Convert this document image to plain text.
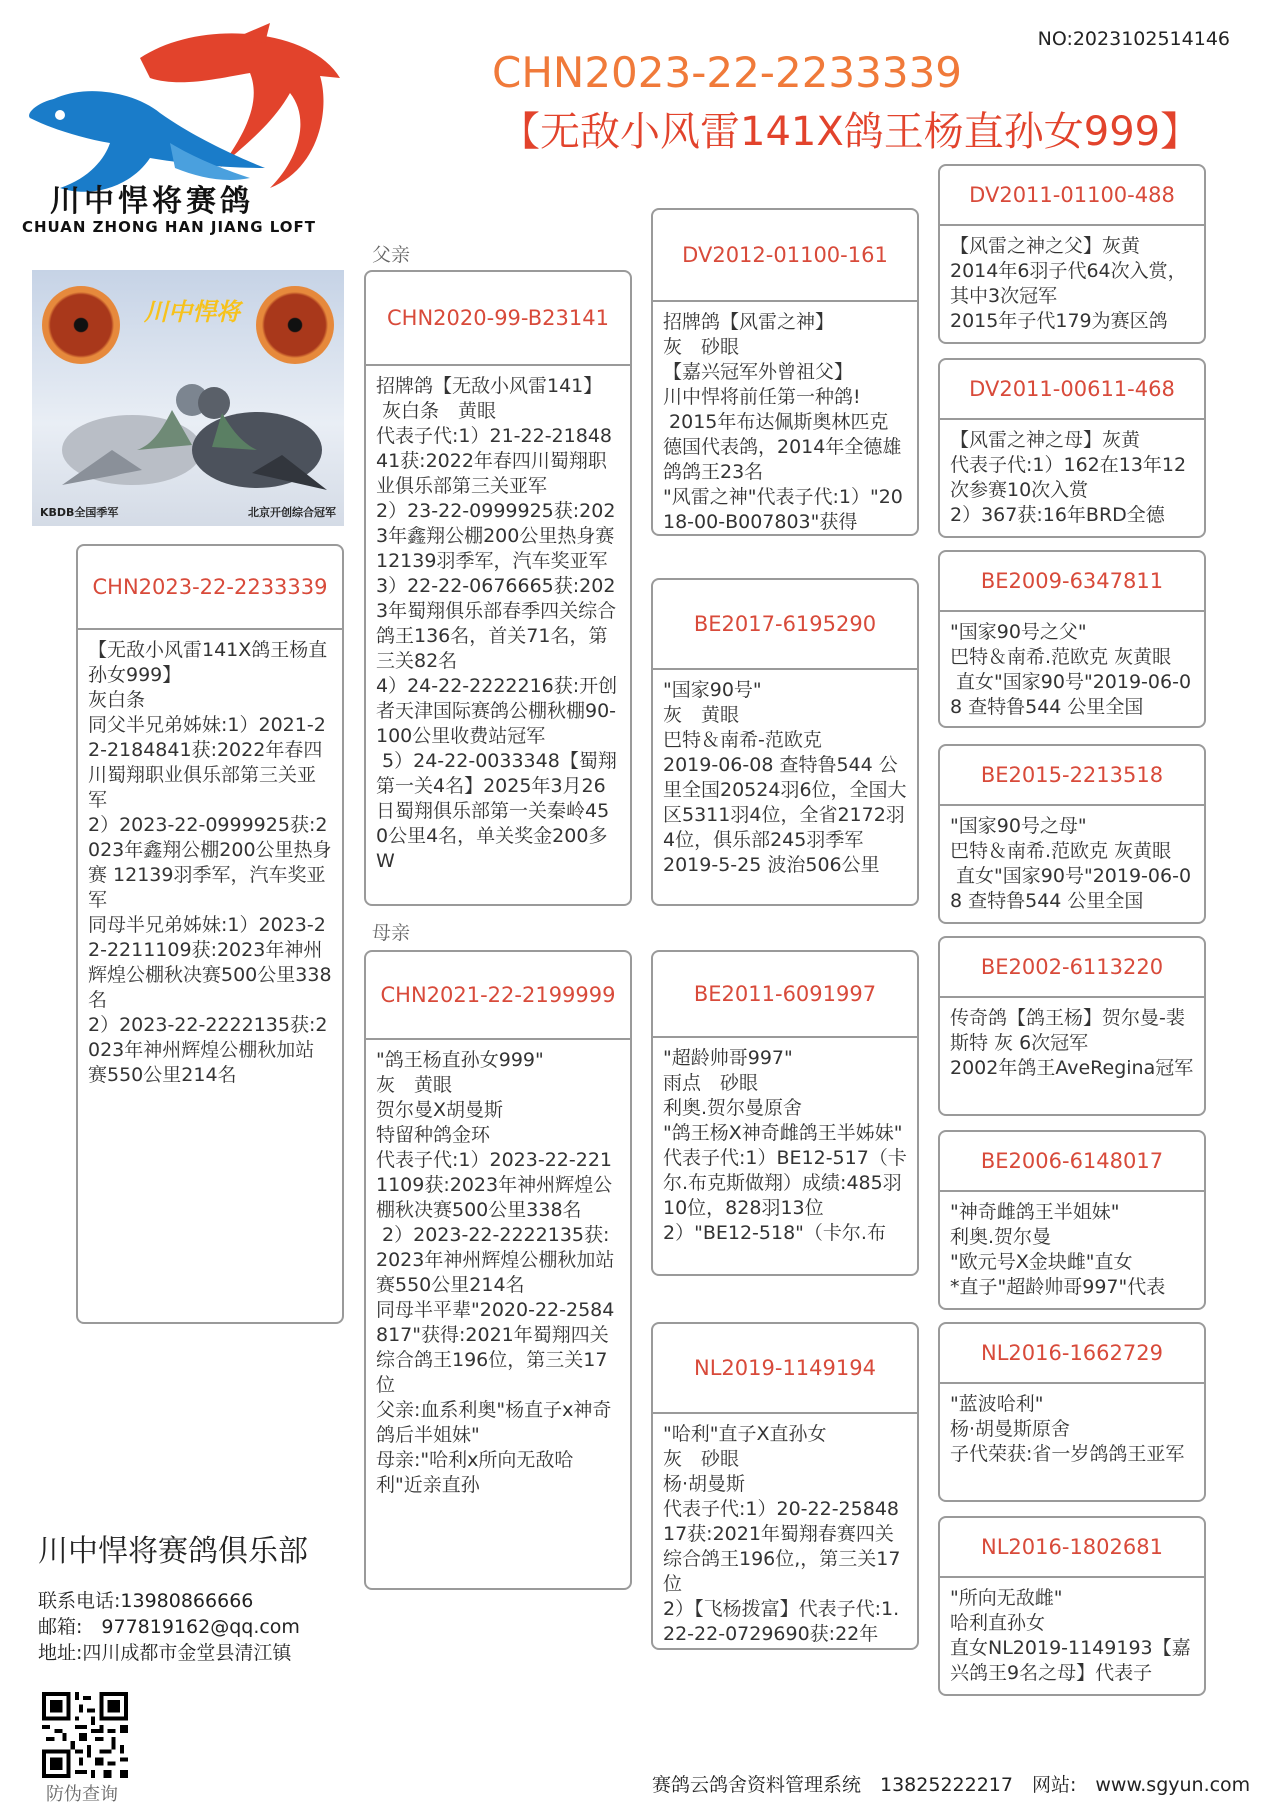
川中悍将赛鸽
CHUAN ZHONG HAN JIANG LOFT
NO:2023102514146
CHN2023-22-2233339
【无敌小风雷141X鸽王杨直孙女999】
川中悍将
KBDB全国季军	北京开创综合冠军
父亲
母亲
CHN2023-22-2233339
【无敌小风雷141X鸽王杨直孙女999】
灰白条
同父半兄弟姊妹:1）2021-22-2184841获:2022年春四川蜀翔职业俱乐部第三关亚军
2）2023-22-0999925获:2023年鑫翔公棚200公里热身赛 12139羽季军，汽车奖亚军
同母半兄弟姊妹:1）2023-22-2211109获:2023年神州辉煌公棚秋决赛500公里338名
2）2023-22-2222135获:2023年神州辉煌公棚秋加站赛550公里214名
CHN2020-99-B23141
招牌鸽【无敌小风雷141】
灰白条　黄眼
代表子代:1）21-22-2184841获:2022年春四川蜀翔职业俱乐部第三关亚军
2）23-22-0999925获:2023年鑫翔公棚200公里热身赛 12139羽季军，汽车奖亚军
3）22-22-0676665获:2023年蜀翔俱乐部春季四关综合鸽王136名，首关71名，第三关82名
4）24-22-2222216获:开创者天津国际赛鸽公棚秋棚90-100公里收费站冠军
5）24-22-0033348【蜀翔第一关4名】2025年3月26日蜀翔俱乐部第一关秦岭450公里4名，单关奖金200多W
CHN2021-22-2199999
"鸽王杨直孙女999"
灰　黄眼
贺尔曼X胡曼斯
特留种鸽金环
代表子代:1）2023-22-2211109获:2023年神州辉煌公棚秋决赛500公里338名
2）2023-22-2222135获:2023年神州辉煌公棚秋加站赛550公里214名
同母半平辈"2020-22-2584817"获得:2021年蜀翔四关综合鸽王196位，第三关17位
父亲:血系利奥"杨直子x神奇鸽后半姐妹"
母亲:"哈利x所向无敌哈利"近亲直孙
DV2012-01100-161
招牌鸽【风雷之神】
灰　砂眼
【嘉兴冠军外曾祖父】
川中悍将前任第一种鸽!
2015年布达佩斯奥林匹克德国代表鸽，2014年全德雄鸽鸽王23名
"风雷之神"代表子代:1）"2018-00-B007803"获得
BE2017-6195290
"国家90号"
灰　黄眼
巴特＆南希-范欧克
2019-06-08 查特鲁544 公里全国20524羽6位，全国大区5311羽4位，全省2172羽4位，俱乐部245羽季军
2019-5-25 波治506公里
BE2011-6091997
"超龄帅哥997"
雨点　砂眼
利奥.贺尔曼原舍
"鸽王杨X神奇雌鸽王半姊妹"
代表子代:1）BE12-517（卡尔.布克斯做翔）成绩:485羽10位，828羽13位
2）"BE12-518"（卡尔.布
NL2019-1149194
"哈利"直子X直孙女
灰　砂眼
杨·胡曼斯
代表子代:1）20-22-2584817获:2021年蜀翔春赛四关综合鸽王196位,，第三关17位
2）【飞杨拨富】代表子代:1.22-22-0729690获:22年
DV2011-01100-488
【风雷之神之父】灰黄
2014年6羽子代64次入赏，其中3次冠军
2015年子代179为赛区鸽
DV2011-00611-468
【风雷之神之母】灰黄
代表子代:1）162在13年12次参赛10次入赏
2）367获:16年BRD全德
BE2009-6347811
"国家90号之父"
巴特＆南希.范欧克 灰黄眼
直女"国家90号"2019-06-08 查特鲁544 公里全国
BE2015-2213518
"国家90号之母"
巴特＆南希.范欧克 灰黄眼
直女"国家90号"2019-06-08 查特鲁544 公里全国
BE2002-6113220
传奇鸽【鸽王杨】贺尔曼-裴斯特 灰 6次冠军
2002年鸽王AveRegina冠军
BE2006-6148017
"神奇雌鸽王半姐妹"
利奥.贺尔曼
"欧元号X金块雌"直女
*直子"超龄帅哥997"代表
NL2016-1662729
"蓝波哈利"
杨·胡曼斯原舍
子代荣获:省一岁鸽鸽王亚军
NL2016-1802681
"所向无敌雌"
哈利直孙女
直女NL2019-1149193【嘉兴鸽王9名之母】代表子
川中悍将赛鸽俱乐部
联系电话:13980866666
邮箱:　977819162@qq.com
地址:四川成都市金堂县清江镇
防伪查询	赛鸽云鸽舍资料管理系统　13825222217　网站:　www.sgyun.com
